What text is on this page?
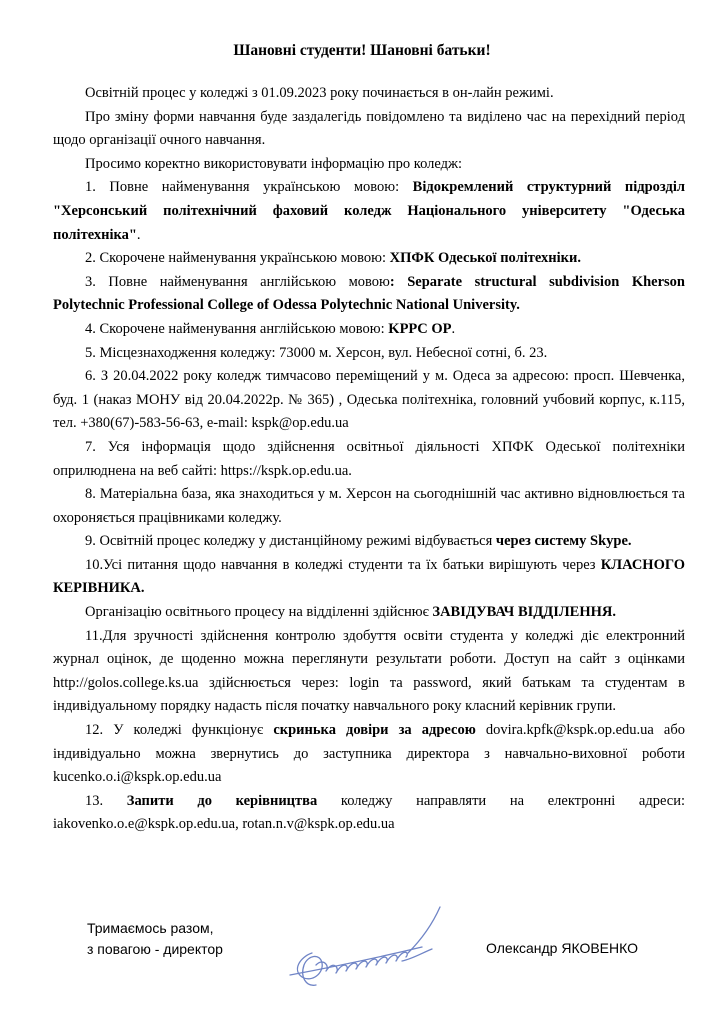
Шановні студенти! Шановні батьки!

Освітній процес у коледжі з 01.09.2023 року починається в он-лайн режимі.

Про зміну форми навчання буде заздалегідь повідомлено та виділено час на перехідний період щодо організації очного навчання.

Просимо коректно використовувати інформацію про коледж:

1. Повне найменування українською мовою: Відокремлений структурний підрозділ "Херсонський політехнічний фаховий коледж Національного університету "Одеська політехніка".

2. Скорочене найменування українською мовою: ХПФК Одеської політехніки.

3. Повне найменування англійською мовою: Separate structural subdivision Kherson Polytechnic Professional College of Odessa Polytechnic National University.

4. Скорочене найменування англійською мовою: KPPC OP.

5. Місцезнаходження коледжу: 73000 м. Херсон, вул. Небесної сотні, б. 23.

6. З 20.04.2022 року коледж тимчасово переміщений у м. Одеса за адресою: просп. Шевченка, буд. 1 (наказ МОНУ від 20.04.2022р. № 365) , Одеська політехніка, головний учбовий корпус, к.115, тел. +380(67)-583-56-63, e-mail: kspk@op.edu.ua

7. Уся інформація щодо здійснення освітньої діяльності ХПФК Одеської політехніки оприлюднена на веб сайті: https://kspk.op.edu.ua.

8. Матеріальна база, яка знаходиться у м. Херсон на сьогоднішній час активно відновлюється та охороняється працівниками коледжу.

9. Освітній процес коледжу у дистанційному режимі відбувається через систему Skype.

10.Усі питання щодо навчання в коледжі студенти та їх батьки вирішують через КЛАСНОГО КЕРІВНИКА.

Організацію освітнього процесу на відділенні здійснює ЗАВІДУВАЧ ВІДДІЛЕННЯ.

11.Для зручності здійснення контролю здобуття освіти студента у коледжі діє електронний журнал оцінок, де щоденно можна переглянути результати роботи. Доступ на сайт з оцінками http://golos.college.ks.ua здійснюється через: login та password, який батькам та студентам в індивідуальному порядку надасть після початку навчального року класний керівник групи.

12. У коледжі функціонує скринька довіри за адресою dovira.kpfk@kspk.op.edu.ua або індивідуально можна звернутись до заступника директора з навчально-виховної роботи kucenko.o.i@kspk.op.edu.ua

13. Запити до керівництва коледжу направляти на електронні адреси: iakovenko.o.e@kspk.op.edu.ua, rotan.n.v@kspk.op.edu.ua

Тримаємось разом,
з повагою - директор	Олександр ЯКОВЕНКО
